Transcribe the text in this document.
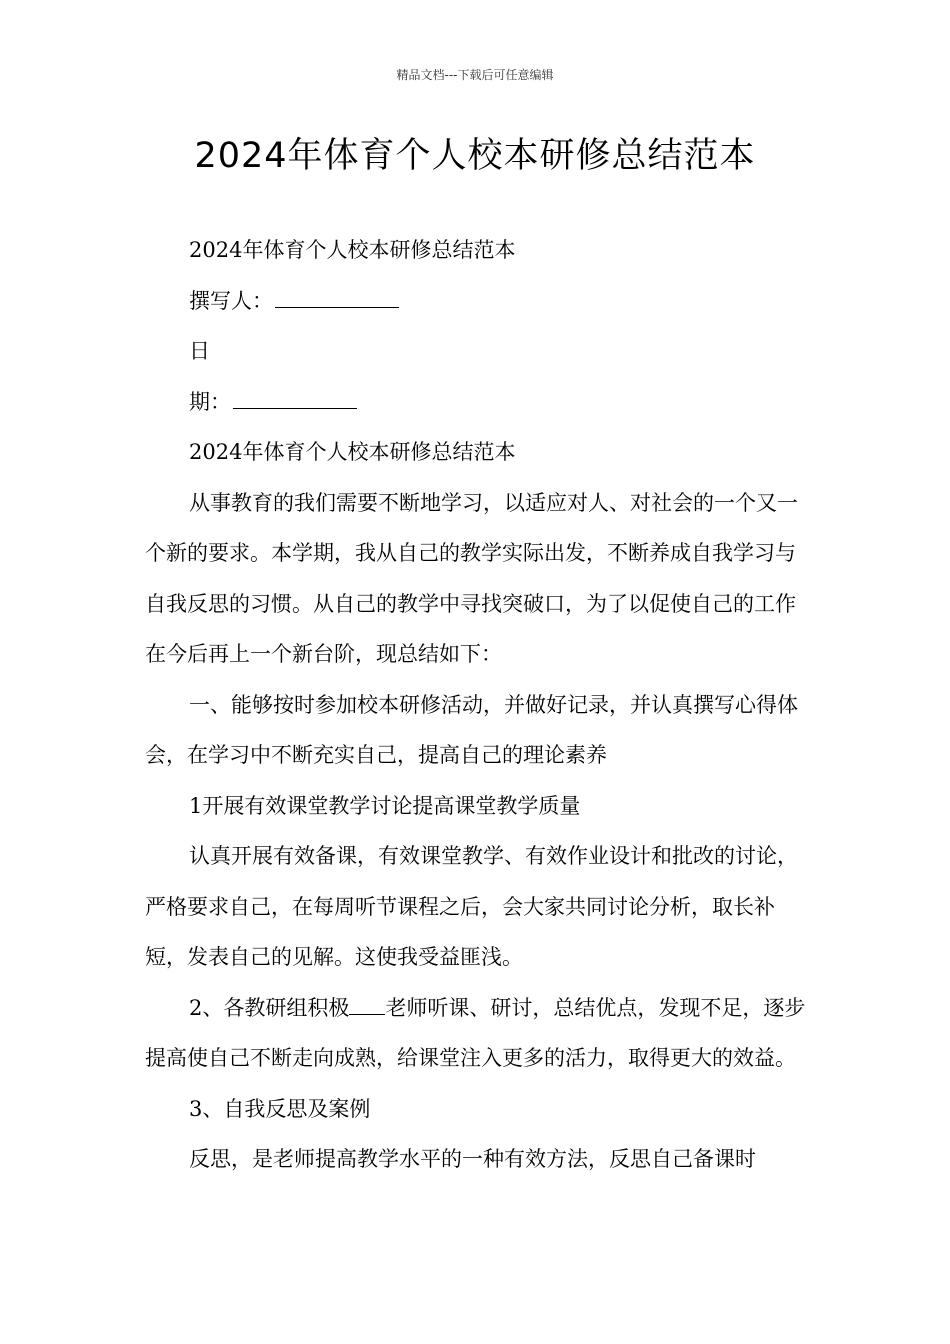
精品文档---下载后可任意编辑
2024年体育个人校本研修总结范本

2024年体育个人校本研修总结范本

撰写人：

日

期：

2024年体育个人校本研修总结范本

从事教育的我们需要不断地学习，以适应对人、对社会的一个又一个新的要求。本学期，我从自己的教学实际出发，不断养成自我学习与自我反思的习惯。从自己的教学中寻找突破口，为了以促使自己的工作在今后再上一个新台阶，现总结如下：

一、能够按时参加校本研修活动，并做好记录，并认真撰写心得体会，在学习中不断充实自己，提高自己的理论素养

1开展有效课堂教学讨论提高课堂教学质量

认真开展有效备课，有效课堂教学、有效作业设计和批改的讨论，严格要求自己，在每周听节课程之后，会大家共同讨论分析，取长补短，发表自己的见解。这使我受益匪浅。

2、各教研组积极 老师听课、研讨，总结优点，发现不足，逐步提高使自己不断走向成熟，给课堂注入更多的活力，取得更大的效益。

3、自我反思及案例

反思，是老师提高教学水平的一种有效方法，反思自己备课时
